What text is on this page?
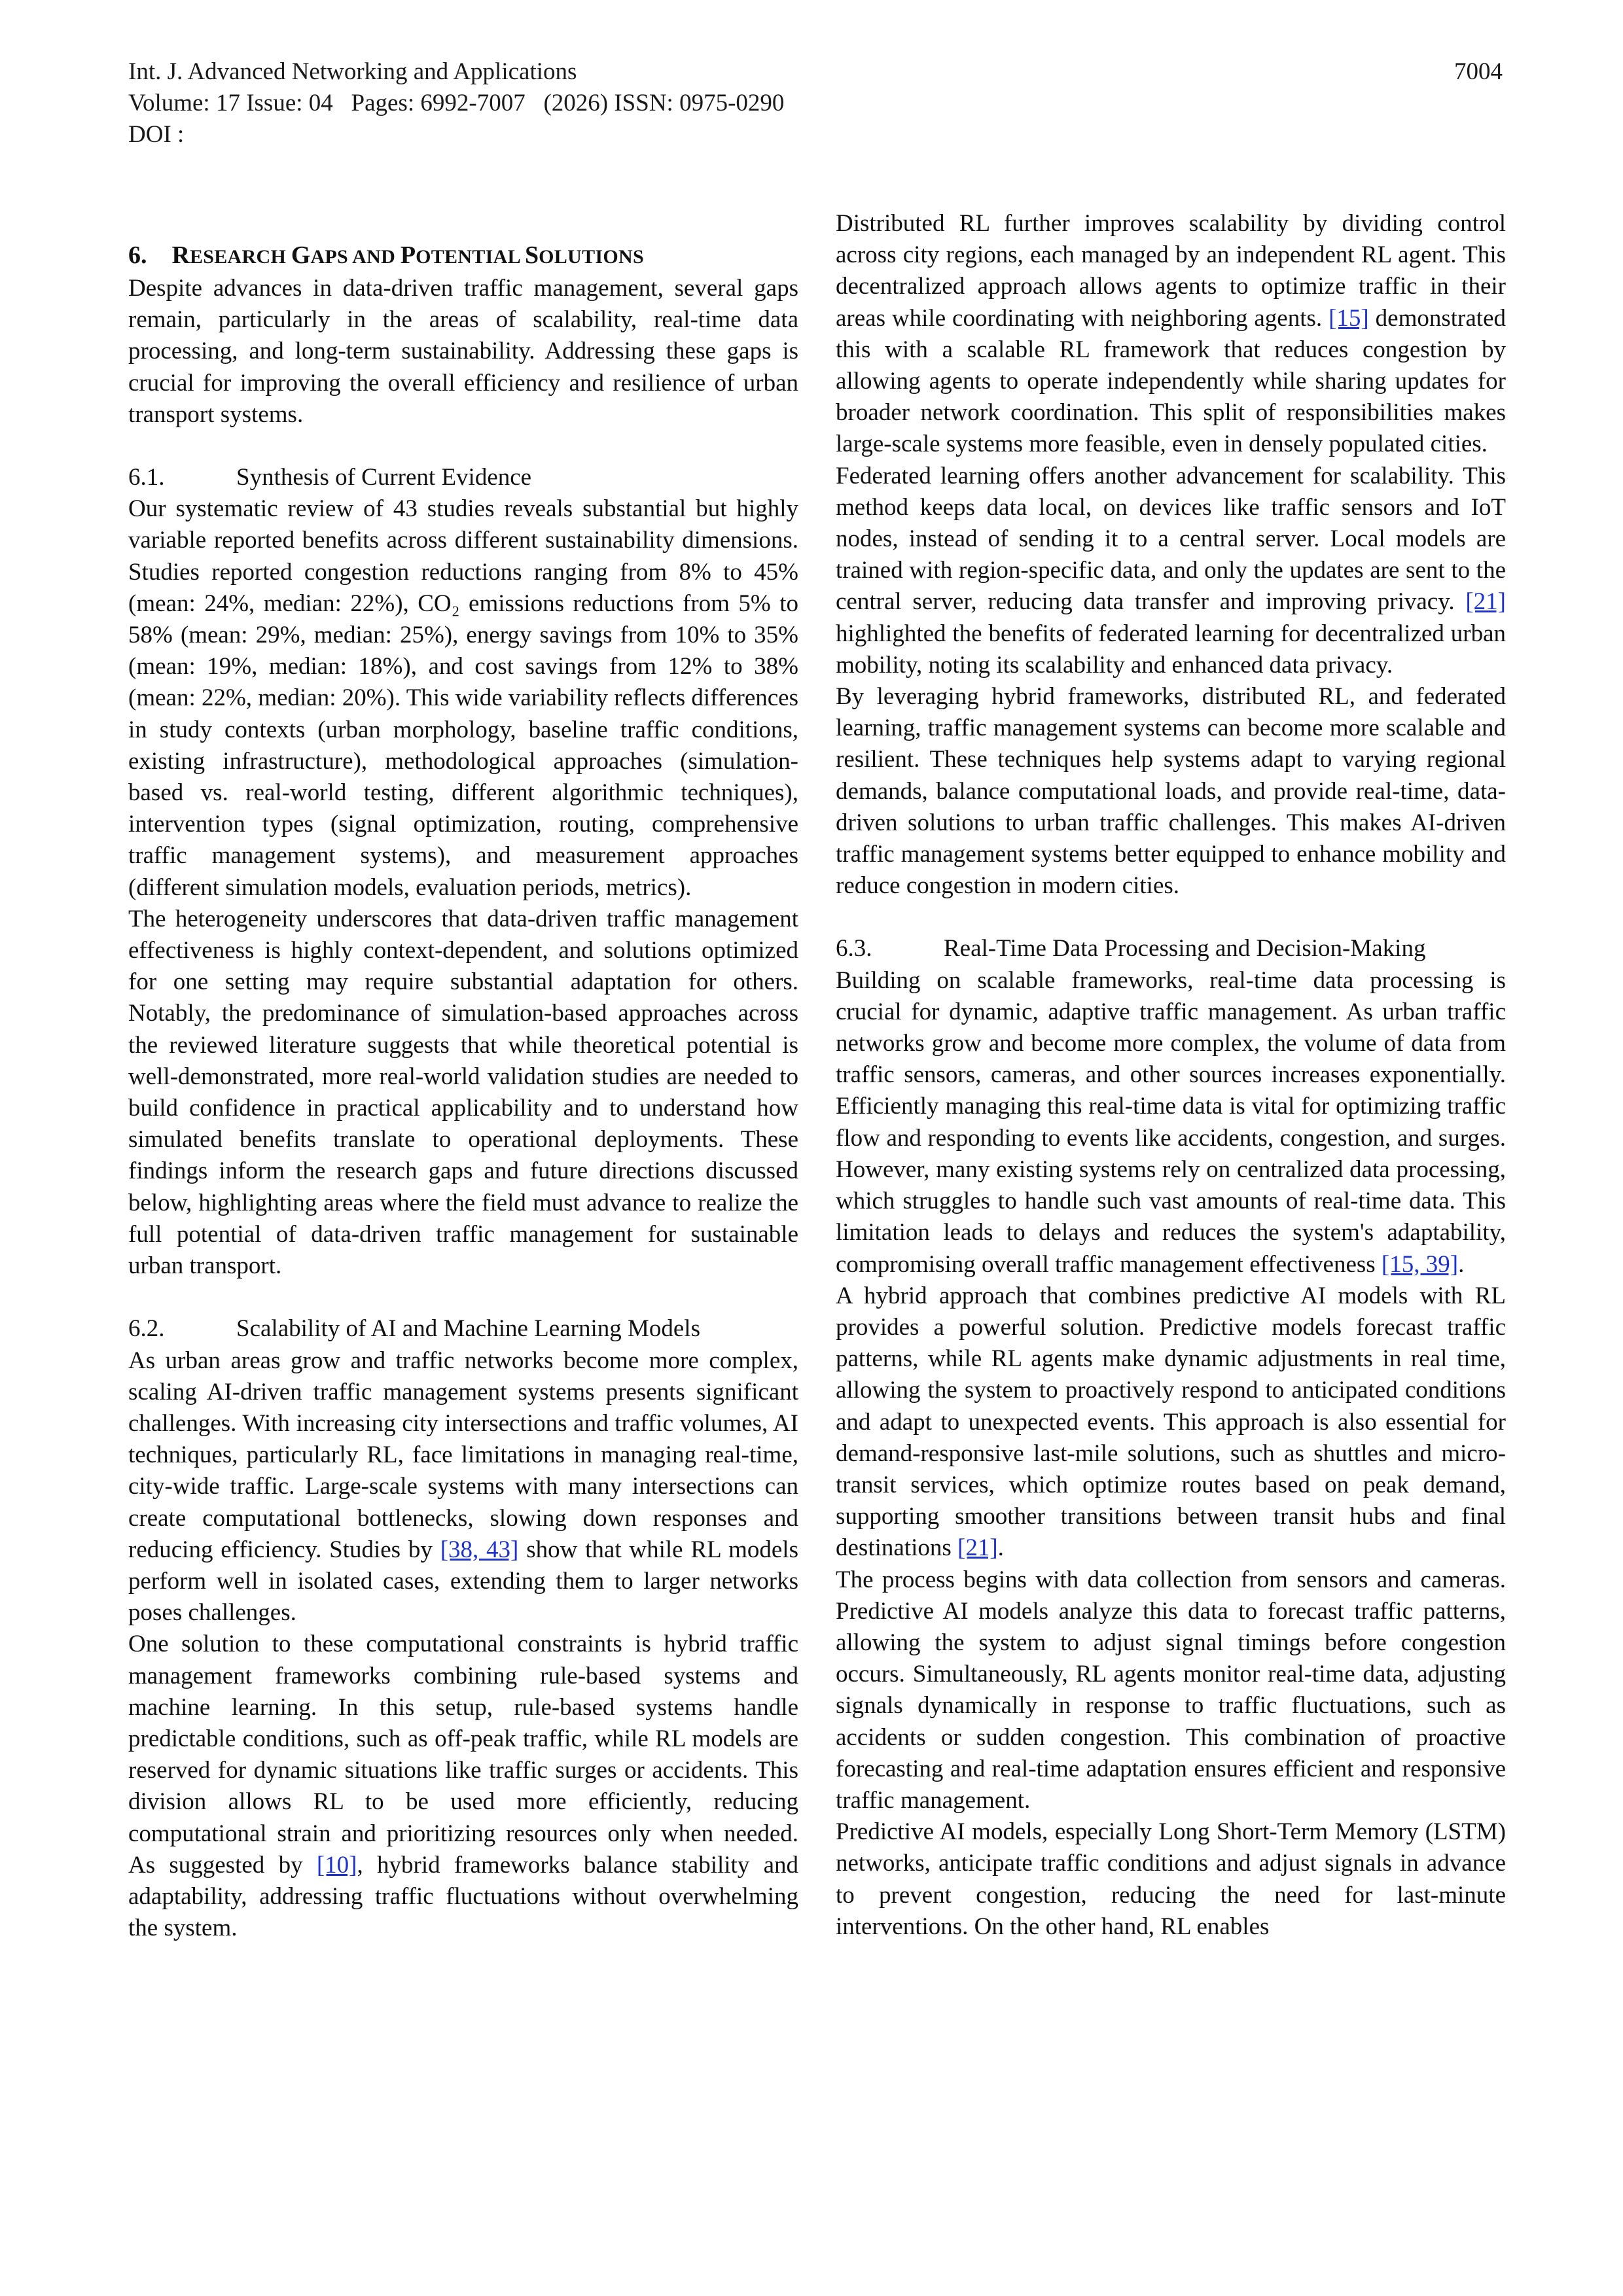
Int. J. Advanced Networking and Applications
Volume: 17 Issue: 04   Pages: 6992-7007   (2026) ISSN: 0975-0290
DOI :
7004
6. RESEARCH GAPS AND POTENTIAL SOLUTIONS

Despite advances in data-driven traffic management, several gaps remain, particularly in the areas of scalability, real-time data processing, and long-term sustainability. Addressing these gaps is crucial for improving the overall efficiency and resilience of urban transport systems.

6.1.	Synthesis of Current Evidence

Our systematic review of 43 studies reveals substantial but highly variable reported benefits across different sustainability dimensions. Studies reported congestion reductions ranging from 8% to 45% (mean: 24%, median: 22%), CO₂ emissions reductions from 5% to 58% (mean: 29%, median: 25%), energy savings from 10% to 35% (mean: 19%, median: 18%), and cost savings from 12% to 38% (mean: 22%, median: 20%). This wide variability reflects differences in study contexts (urban morphology, baseline traffic conditions, existing infrastructure), methodological approaches (simulation-based vs. real-world testing, different algorithmic techniques), intervention types (signal optimization, routing, comprehensive traffic management systems), and measurement approaches (different simulation models, evaluation periods, metrics).

The heterogeneity underscores that data-driven traffic management effectiveness is highly context-dependent, and solutions optimized for one setting may require substantial adaptation for others. Notably, the predominance of simulation-based approaches across the reviewed literature suggests that while theoretical potential is well-demonstrated, more real-world validation studies are needed to build confidence in practical applicability and to understand how simulated benefits translate to operational deployments. These findings inform the research gaps and future directions discussed below, highlighting areas where the field must advance to realize the full potential of data-driven traffic management for sustainable urban transport.

6.2.	Scalability of AI and Machine Learning Models

As urban areas grow and traffic networks become more complex, scaling AI-driven traffic management systems presents significant challenges. With increasing city intersections and traffic volumes, AI techniques, particularly RL, face limitations in managing real-time, city-wide traffic. Large-scale systems with many intersections can create computational bottlenecks, slowing down responses and reducing efficiency. Studies by [38, 43] show that while RL models perform well in isolated cases, extending them to larger networks poses challenges.

One solution to these computational constraints is hybrid traffic management frameworks combining rule-based systems and machine learning. In this setup, rule-based systems handle predictable conditions, such as off-peak traffic, while RL models are reserved for dynamic situations like traffic surges or accidents. This division allows RL to be used more efficiently, reducing computational strain and prioritizing resources only when needed. As suggested by [10], hybrid frameworks balance stability and adaptability, addressing traffic fluctuations without overwhelming the system.

Distributed RL further improves scalability by dividing control across city regions, each managed by an independent RL agent. This decentralized approach allows agents to optimize traffic in their areas while coordinating with neighboring agents. [15] demonstrated this with a scalable RL framework that reduces congestion by allowing agents to operate independently while sharing updates for broader network coordination. This split of responsibilities makes large-scale systems more feasible, even in densely populated cities.

Federated learning offers another advancement for scalability. This method keeps data local, on devices like traffic sensors and IoT nodes, instead of sending it to a central server. Local models are trained with region-specific data, and only the updates are sent to the central server, reducing data transfer and improving privacy. [21] highlighted the benefits of federated learning for decentralized urban mobility, noting its scalability and enhanced data privacy.

By leveraging hybrid frameworks, distributed RL, and federated learning, traffic management systems can become more scalable and resilient. These techniques help systems adapt to varying regional demands, balance computational loads, and provide real-time, data-driven solutions to urban traffic challenges. This makes AI-driven traffic management systems better equipped to enhance mobility and reduce congestion in modern cities.

6.3.	Real-Time Data Processing and Decision-Making

Building on scalable frameworks, real-time data processing is crucial for dynamic, adaptive traffic management. As urban traffic networks grow and become more complex, the volume of data from traffic sensors, cameras, and other sources increases exponentially. Efficiently managing this real-time data is vital for optimizing traffic flow and responding to events like accidents, congestion, and surges. However, many existing systems rely on centralized data processing, which struggles to handle such vast amounts of real-time data. This limitation leads to delays and reduces the system's adaptability, compromising overall traffic management effectiveness [15, 39].

A hybrid approach that combines predictive AI models with RL provides a powerful solution. Predictive models forecast traffic patterns, while RL agents make dynamic adjustments in real time, allowing the system to proactively respond to anticipated conditions and adapt to unexpected events. This approach is also essential for demand-responsive last-mile solutions, such as shuttles and micro-transit services, which optimize routes based on peak demand, supporting smoother transitions between transit hubs and final destinations [21].

The process begins with data collection from sensors and cameras. Predictive AI models analyze this data to forecast traffic patterns, allowing the system to adjust signal timings before congestion occurs. Simultaneously, RL agents monitor real-time data, adjusting signals dynamically in response to traffic fluctuations, such as accidents or sudden congestion. This combination of proactive forecasting and real-time adaptation ensures efficient and responsive traffic management.

Predictive AI models, especially Long Short-Term Memory (LSTM) networks, anticipate traffic conditions and adjust signals in advance to prevent congestion, reducing the need for last-minute interventions. On the other hand, RL enables
